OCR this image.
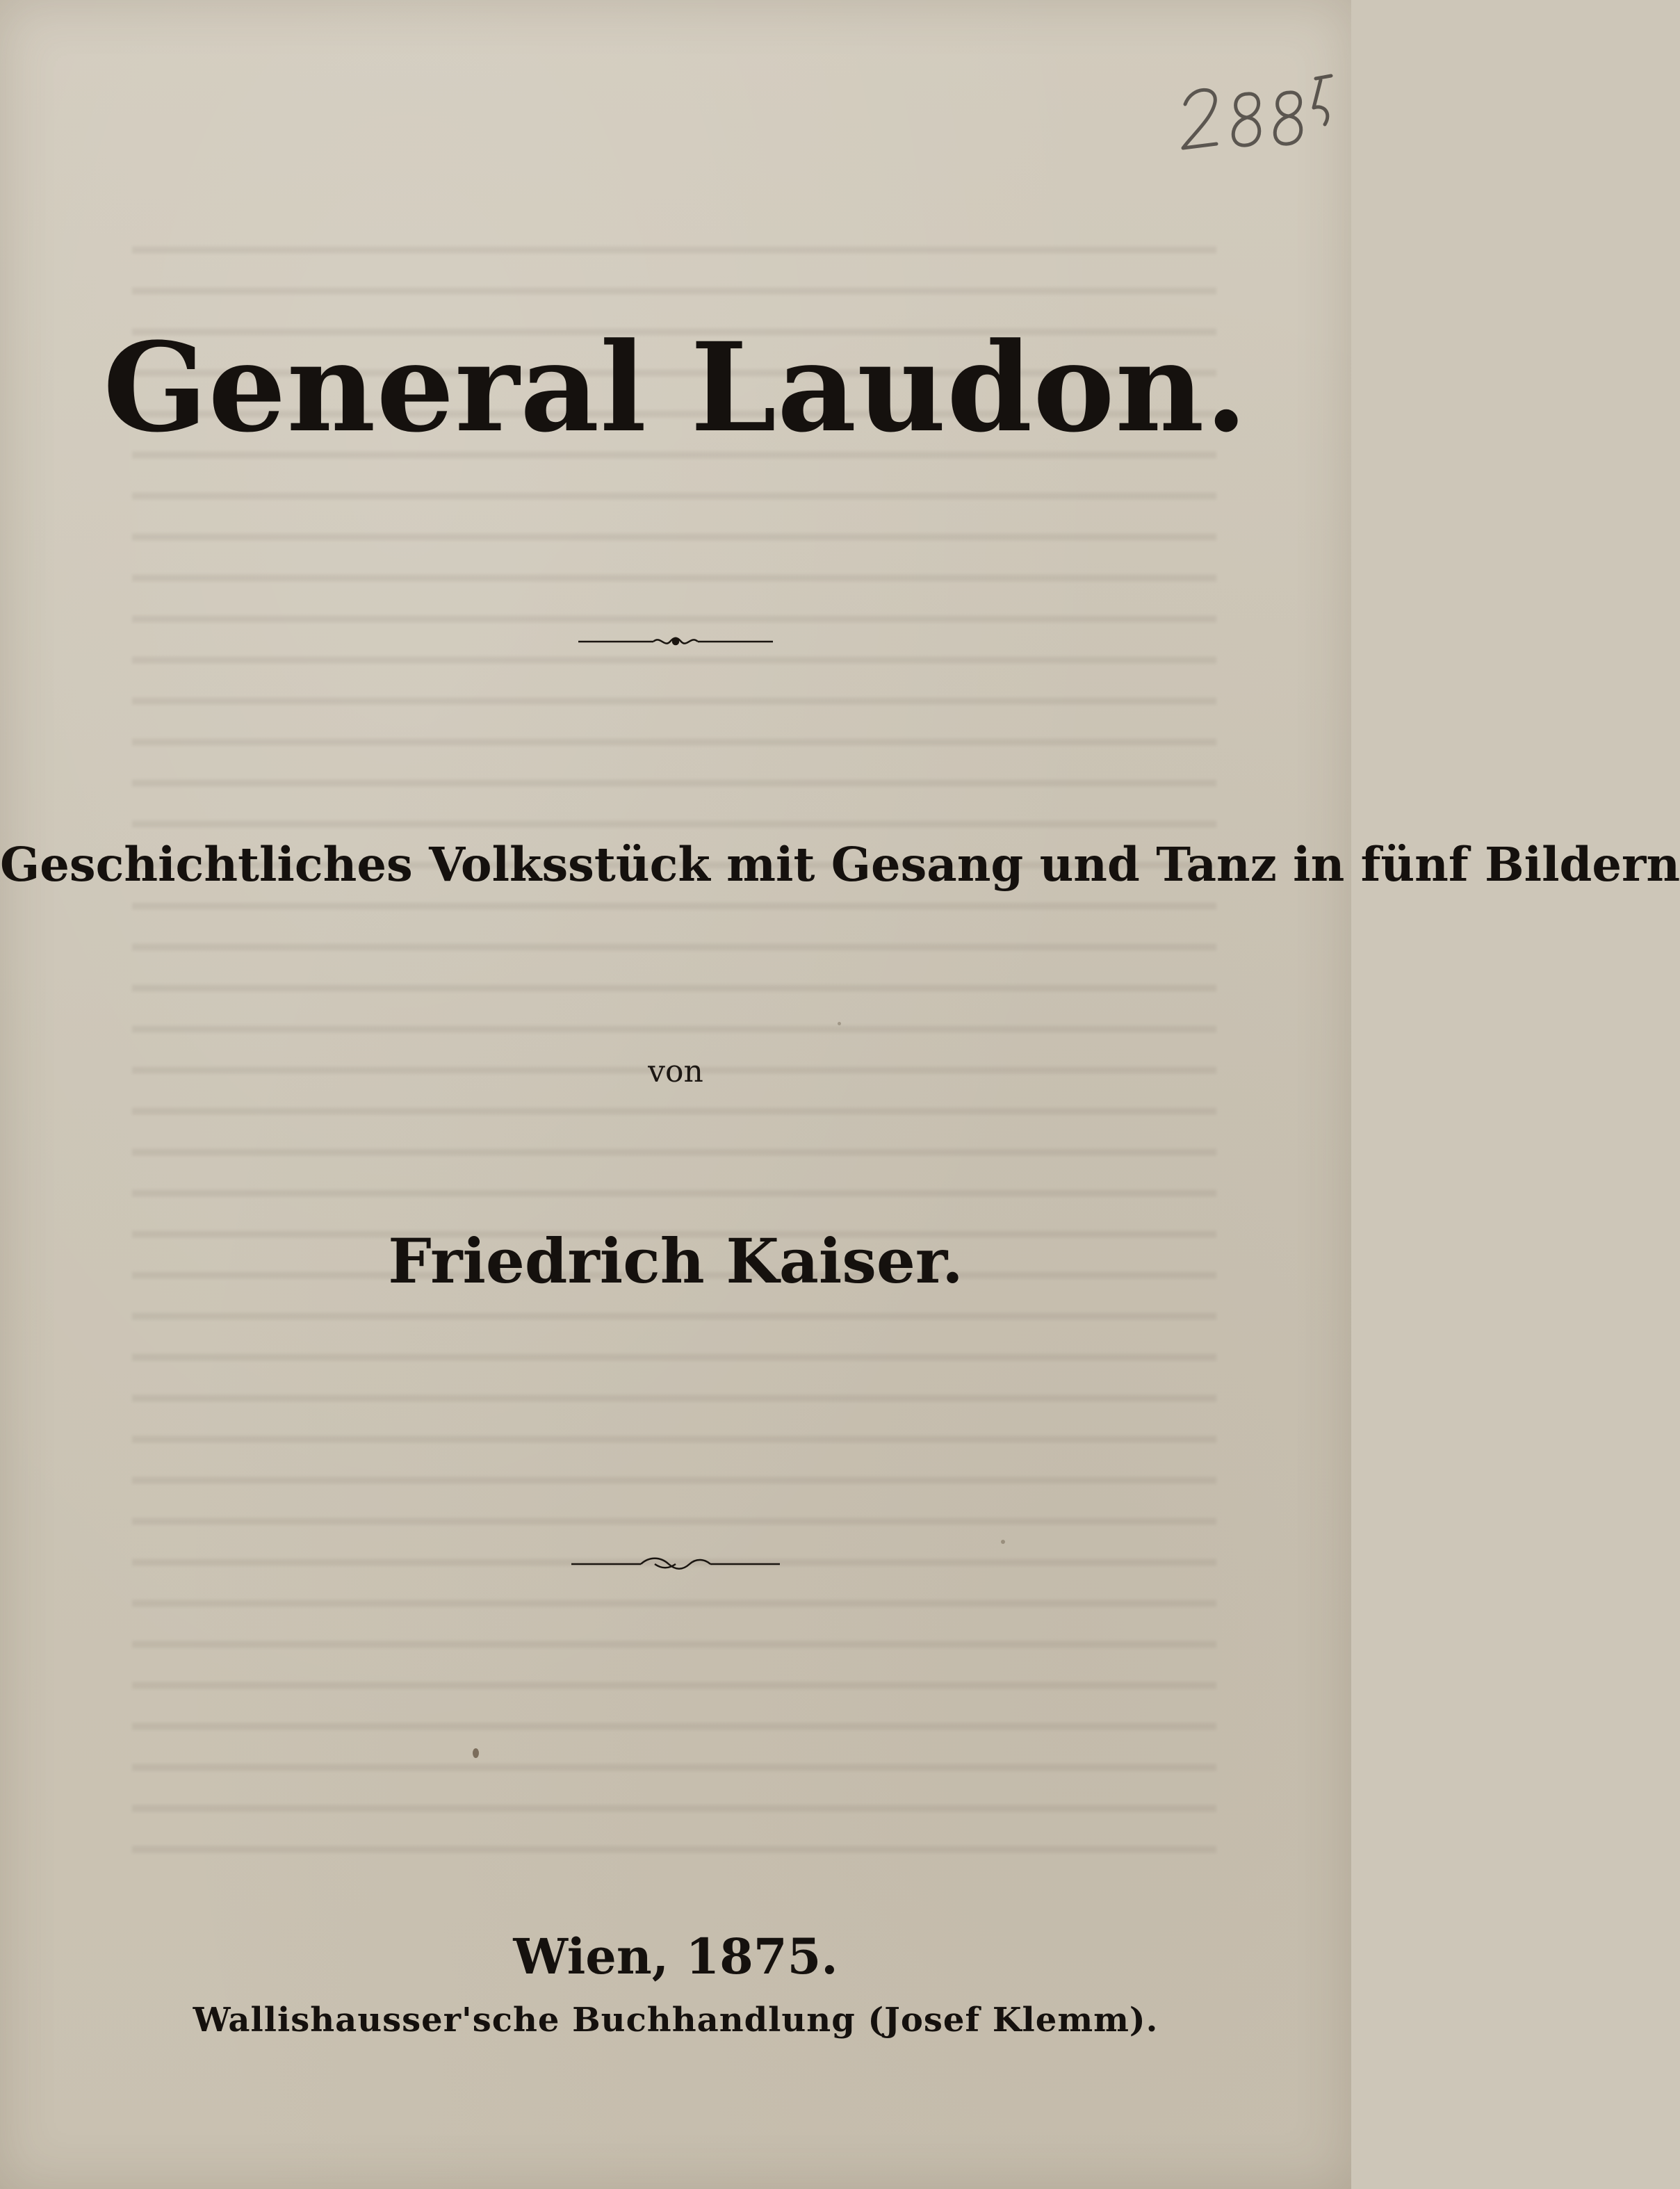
General Laudon.
Geschichtliches Volksstück mit Gesang und Tanz in fünf Bildern
von
Friedrich Kaiser.
Wien, 1875.
Wallishausser'sche Buchhandlung (Josef Klemm).
